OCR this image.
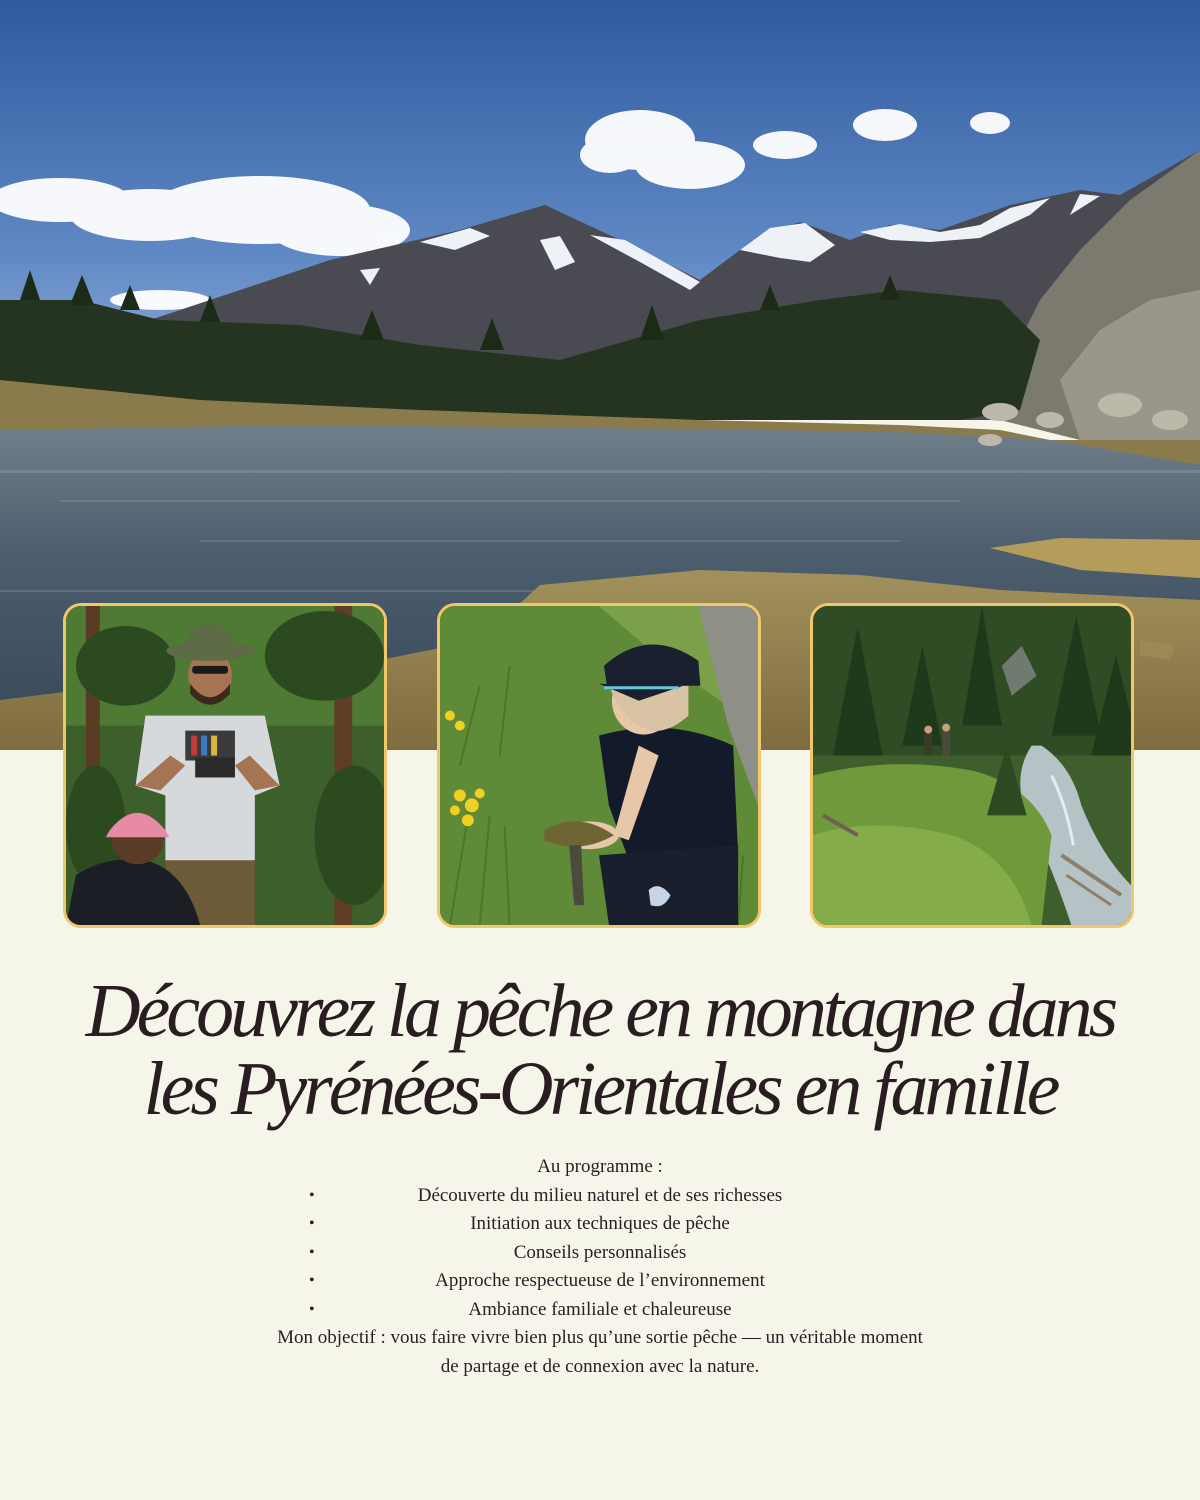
Découvrez la pêche en montagne dans
les Pyrénées-Orientales en famille
Au programme :
•	Découverte du milieu naturel et de ses richesses
•	Initiation aux techniques de pêche
•	Conseils personnalisés
•	Approche respectueuse de l’environnement
•	Ambiance familiale et chaleureuse
Mon objectif : vous faire vivre bien plus qu’une sortie pêche — un véritable moment de partage et de connexion avec la nature.
